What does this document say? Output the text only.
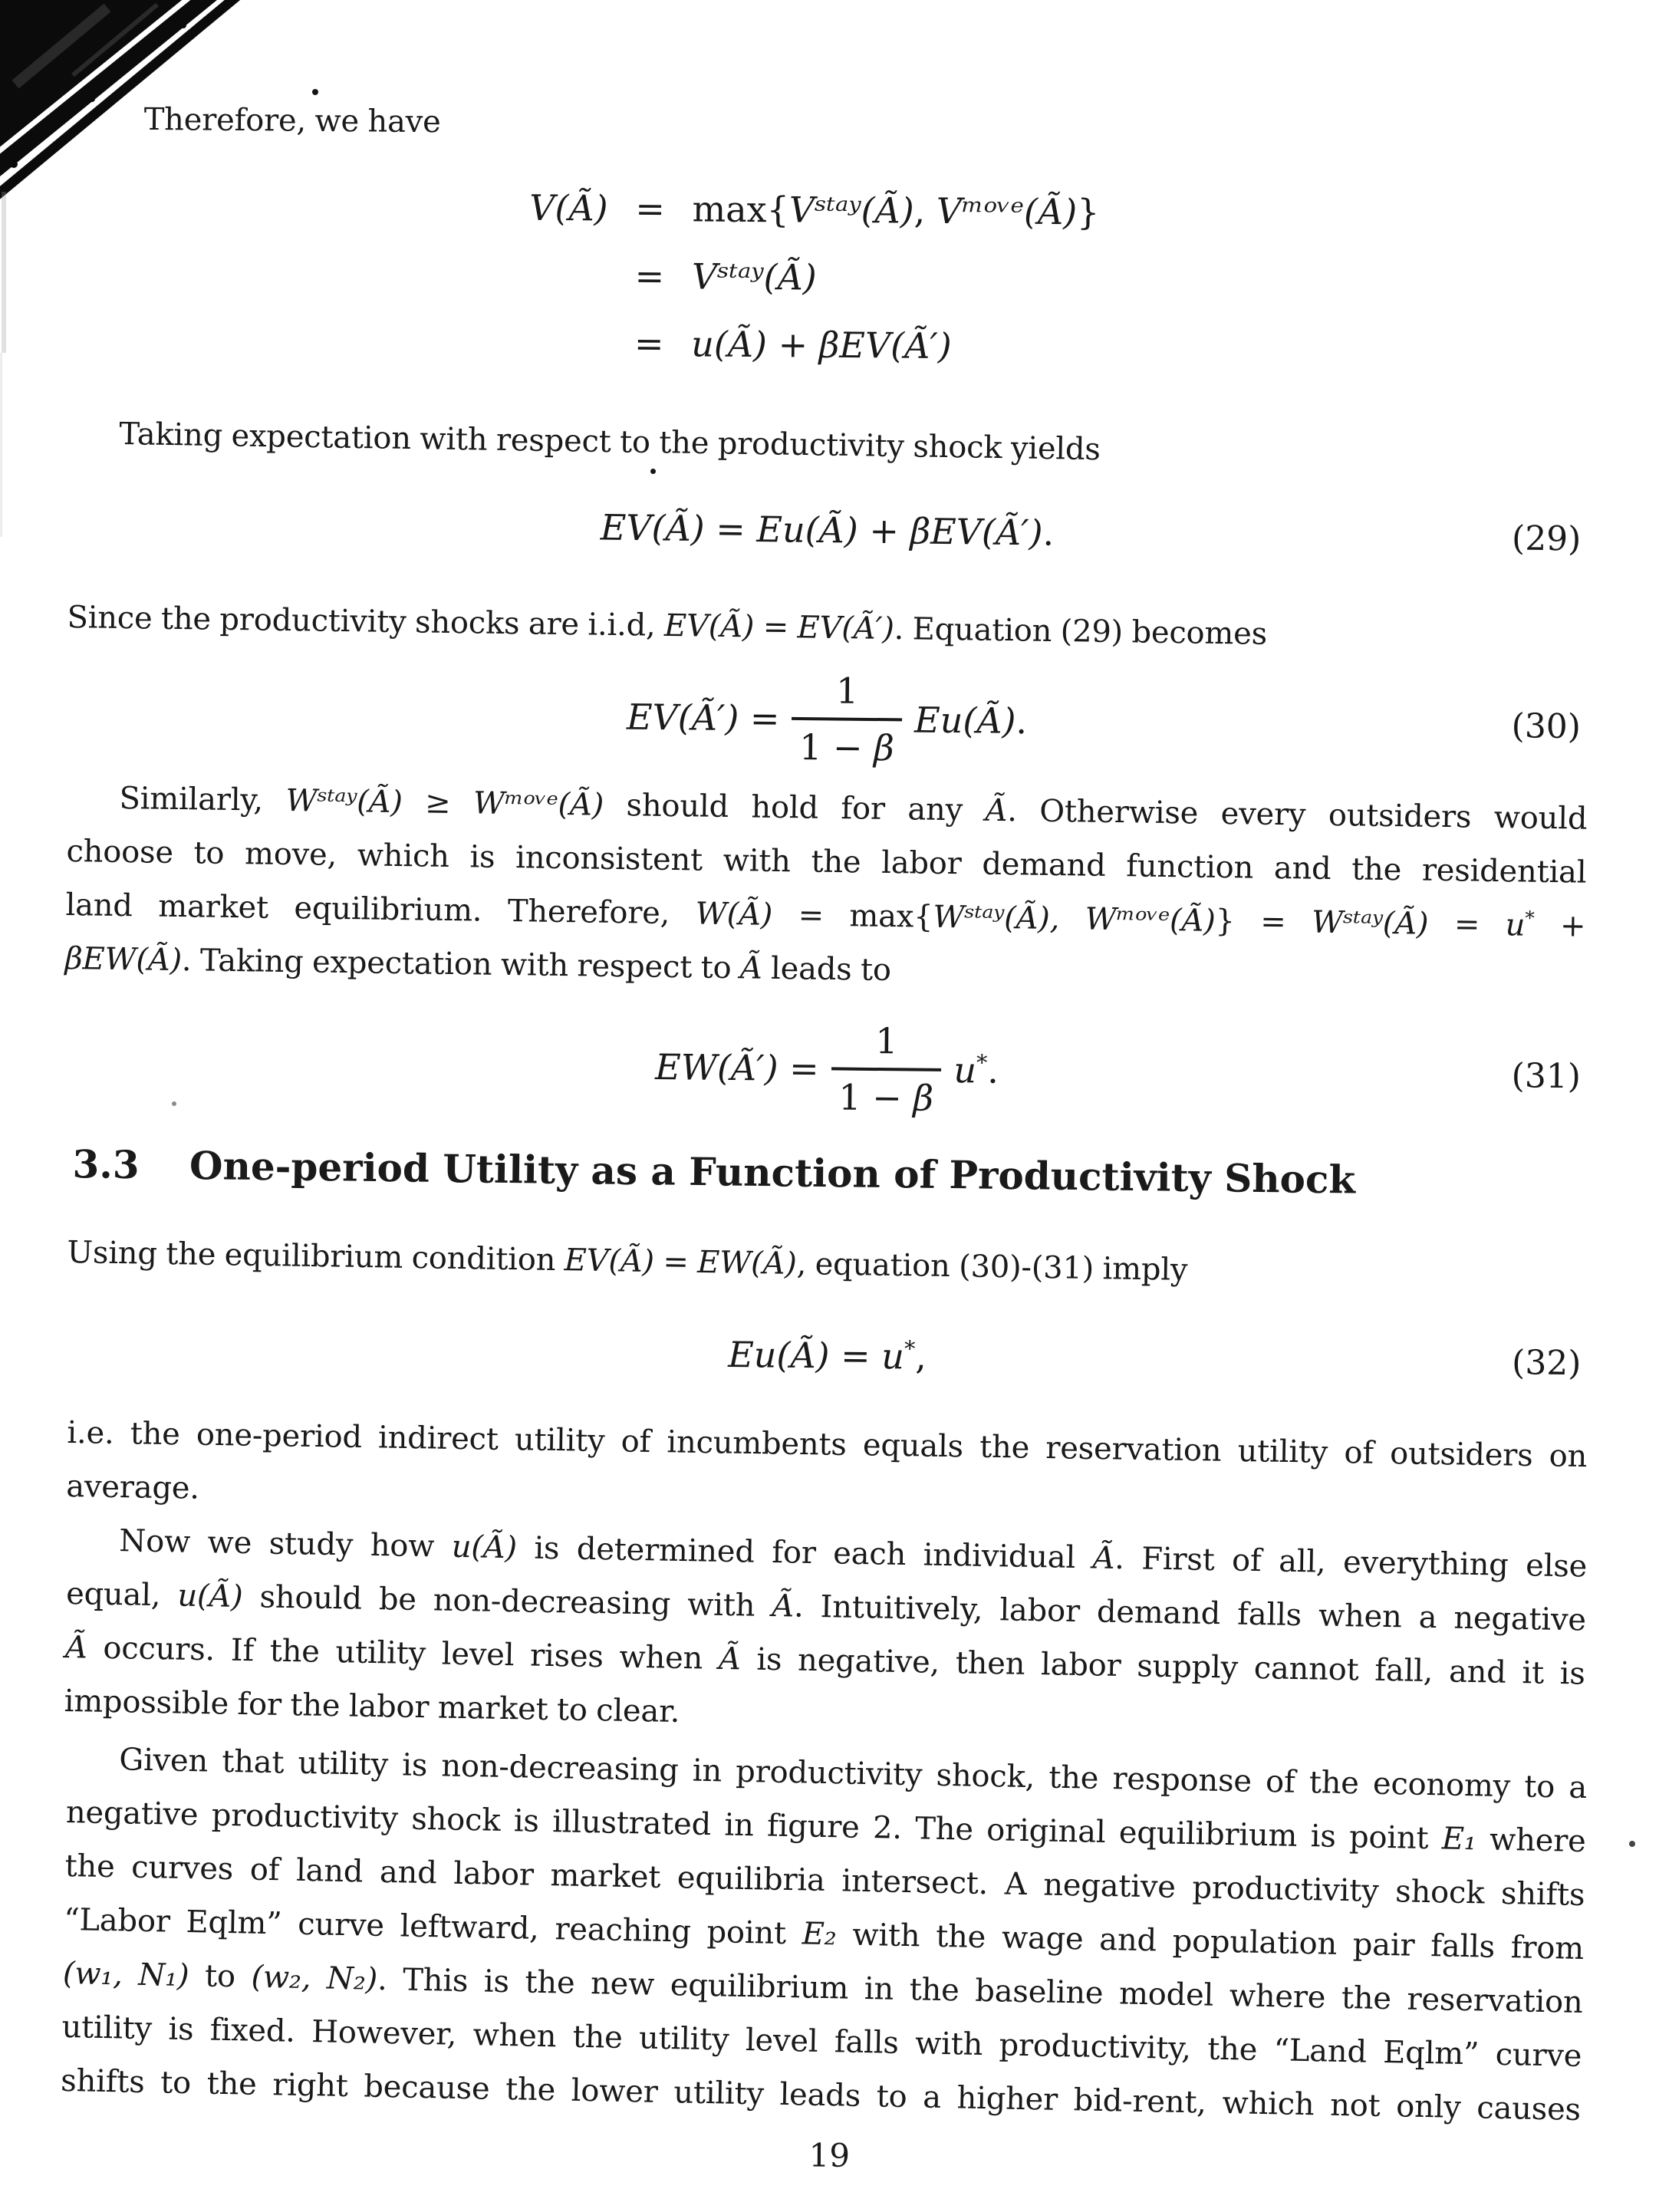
Therefore, we have
V(Ã) = max{Vˢᵗᵃʸ(Ã), Vᵐᵒᵛᵉ(Ã)}
= Vˢᵗᵃʸ(Ã)
= u(Ã) + βEV(Ã′)
Taking expectation with respect to the productivity shock yields
EV(Ã) = Eu(Ã) + βEV(Ã′).	(29)
Since the productivity shocks are i.i.d, EV(Ã) = EV(Ã′). Equation (29) becomes
EV(Ã′) = $\frac{1}{1 - \beta}$ Eu(Ã).	(30)
Similarly, Wˢᵗᵃʸ(Ã) ≥ Wᵐᵒᵛᵉ(Ã) should hold for any Ã. Otherwise every outsiders would
choose to move, which is inconsistent with the labor demand function and the residential
land market equilibrium. Therefore, W(Ã) = max{Wˢᵗᵃʸ(Ã), Wᵐᵒᵛᵉ(Ã)} = Wˢᵗᵃʸ(Ã) = u* +
βEW(Ã). Taking expectation with respect to Ã leads to
EW(Ã′) = $\frac{1}{1 - \beta} u^*$.	(31)
3.3 One-period Utility as a Function of Productivity Shock
Using the equilibrium condition EV(Ã) = EW(Ã), equation (30)-(31) imply
Eu(Ã) = u*,	(32)
i.e. the one-period indirect utility of incumbents equals the reservation utility of outsiders on
average.
Now we study how u(Ã) is determined for each individual Ã. First of all, everything else
equal, u(Ã) should be non-decreasing with Ã. Intuitively, labor demand falls when a negative
Ã occurs. If the utility level rises when Ã is negative, then labor supply cannot fall, and it is
impossible for the labor market to clear.
Given that utility is non-decreasing in productivity shock, the response of the economy to a
negative productivity shock is illustrated in figure 2. The original equilibrium is point E₁ where
the curves of land and labor market equilibria intersect. A negative productivity shock shifts
“Labor Eqlm” curve leftward, reaching point E₂ with the wage and population pair falls from
(w₁, N₁) to (w₂, N₂). This is the new equilibrium in the baseline model where the reservation
utility is fixed. However, when the utility level falls with productivity, the “Land Eqlm” curve
shifts to the right because the lower utility leads to a higher bid-rent, which not only causes
19
